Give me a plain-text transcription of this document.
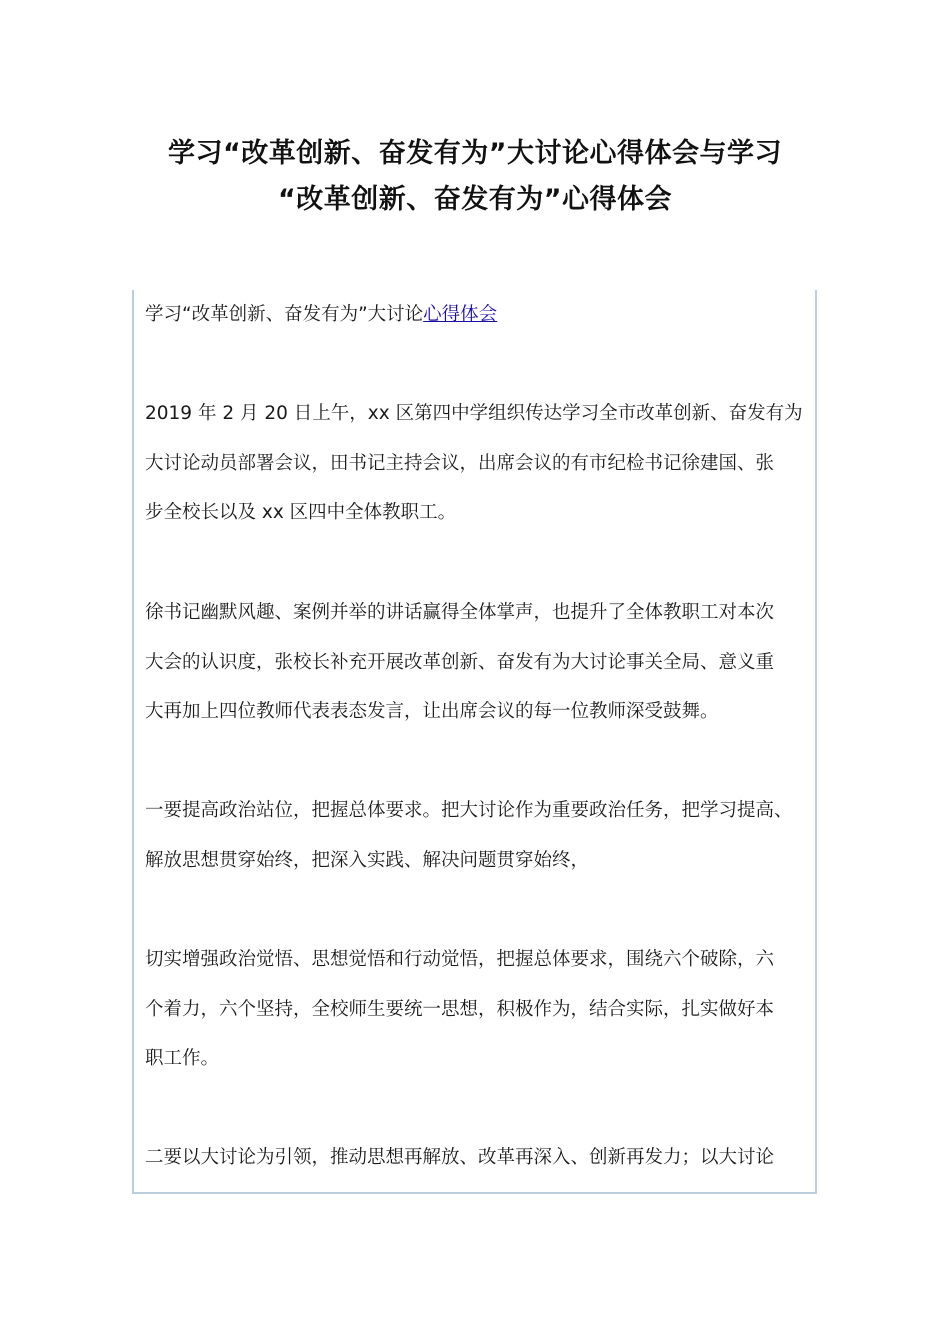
学习“改革创新、奋发有为”大讨论心得体会与学习
“改革创新、奋发有为”心得体会

学习“改革创新、奋发有为”大讨论心得体会

2019 年 2 月 20 日上午，xx 区第四中学组织传达学习全市改革创新、奋发有为
大讨论动员部署会议，田书记主持会议，出席会议的有市纪检书记徐建国、张
步全校长以及 xx 区四中全体教职工。

徐书记幽默风趣、案例并举的讲话赢得全体掌声，也提升了全体教职工对本次
大会的认识度，张校长补充开展改革创新、奋发有为大讨论事关全局、意义重
大再加上四位教师代表表态发言，让出席会议的每一位教师深受鼓舞。

一要提高政治站位，把握总体要求。把大讨论作为重要政治任务，把学习提高、
解放思想贯穿始终，把深入实践、解决问题贯穿始终，

切实增强政治觉悟、思想觉悟和行动觉悟，把握总体要求，围绕六个破除，六
个着力，六个坚持，全校师生要统一思想，积极作为，结合实际，扎实做好本
职工作。

二要以大讨论为引领，推动思想再解放、改革再深入、创新再发力；以大讨论
